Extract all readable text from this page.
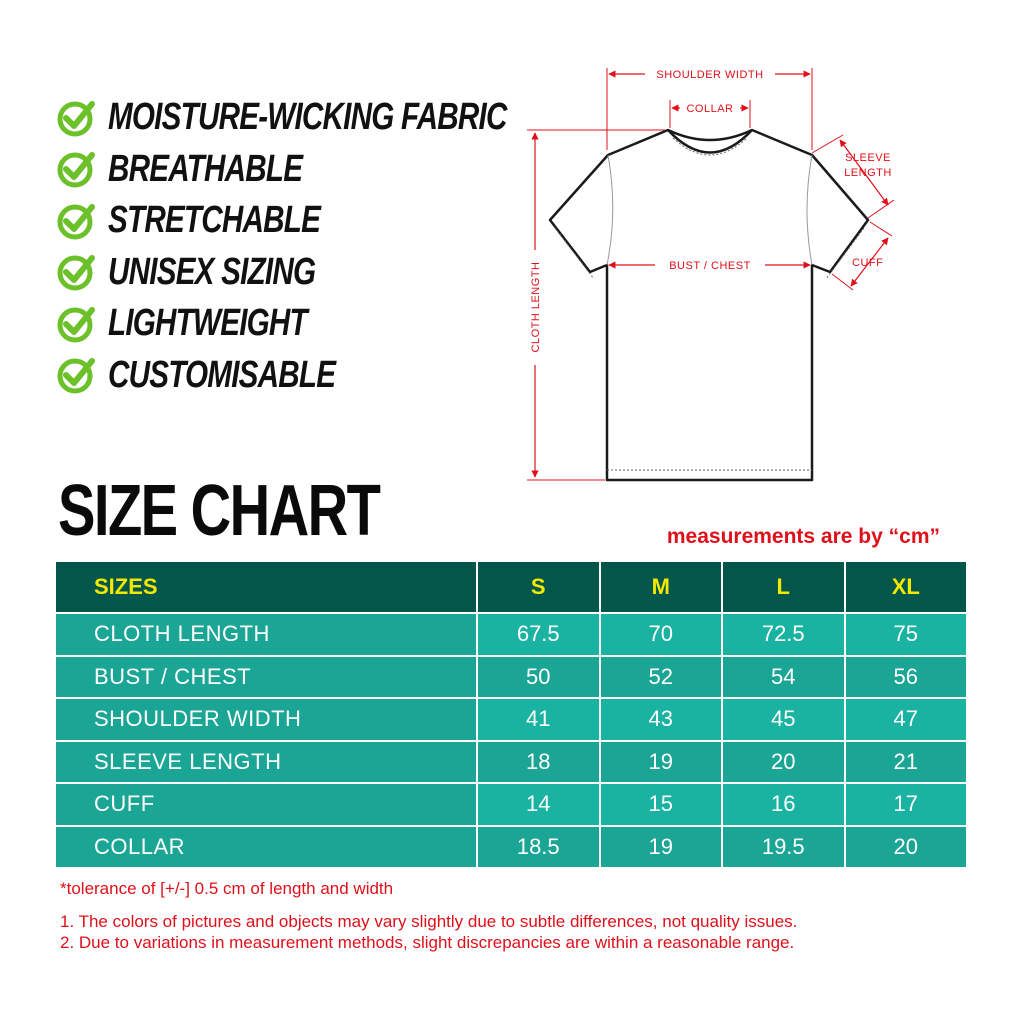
MOISTURE-WICKING FABRIC
BREATHABLE
STRETCHABLE
UNISEX SIZING
LIGHTWEIGHT
CUSTOMISABLE
SHOULDER WIDTH
COLLAR
SLEEVE
LENGTH
CUFF
BUST / CHEST
CLOTH LENGTH
SIZE CHART	measurements are by “cm”
SIZES	S	M	L	XL
CLOTH LENGTH	67.5	70	72.5	75
BUST / CHEST	50	52	54	56
SHOULDER WIDTH	41	43	45	47
SLEEVE LENGTH	18	19	20	21
CUFF	14	15	16	17
COLLAR	18.5	19	19.5	20
*tolerance of [+/-] 0.5 cm of length and width
1. The colors of pictures and objects may vary slightly due to subtle differences, not quality issues.
2. Due to variations in measurement methods, slight discrepancies are within a reasonable range.
